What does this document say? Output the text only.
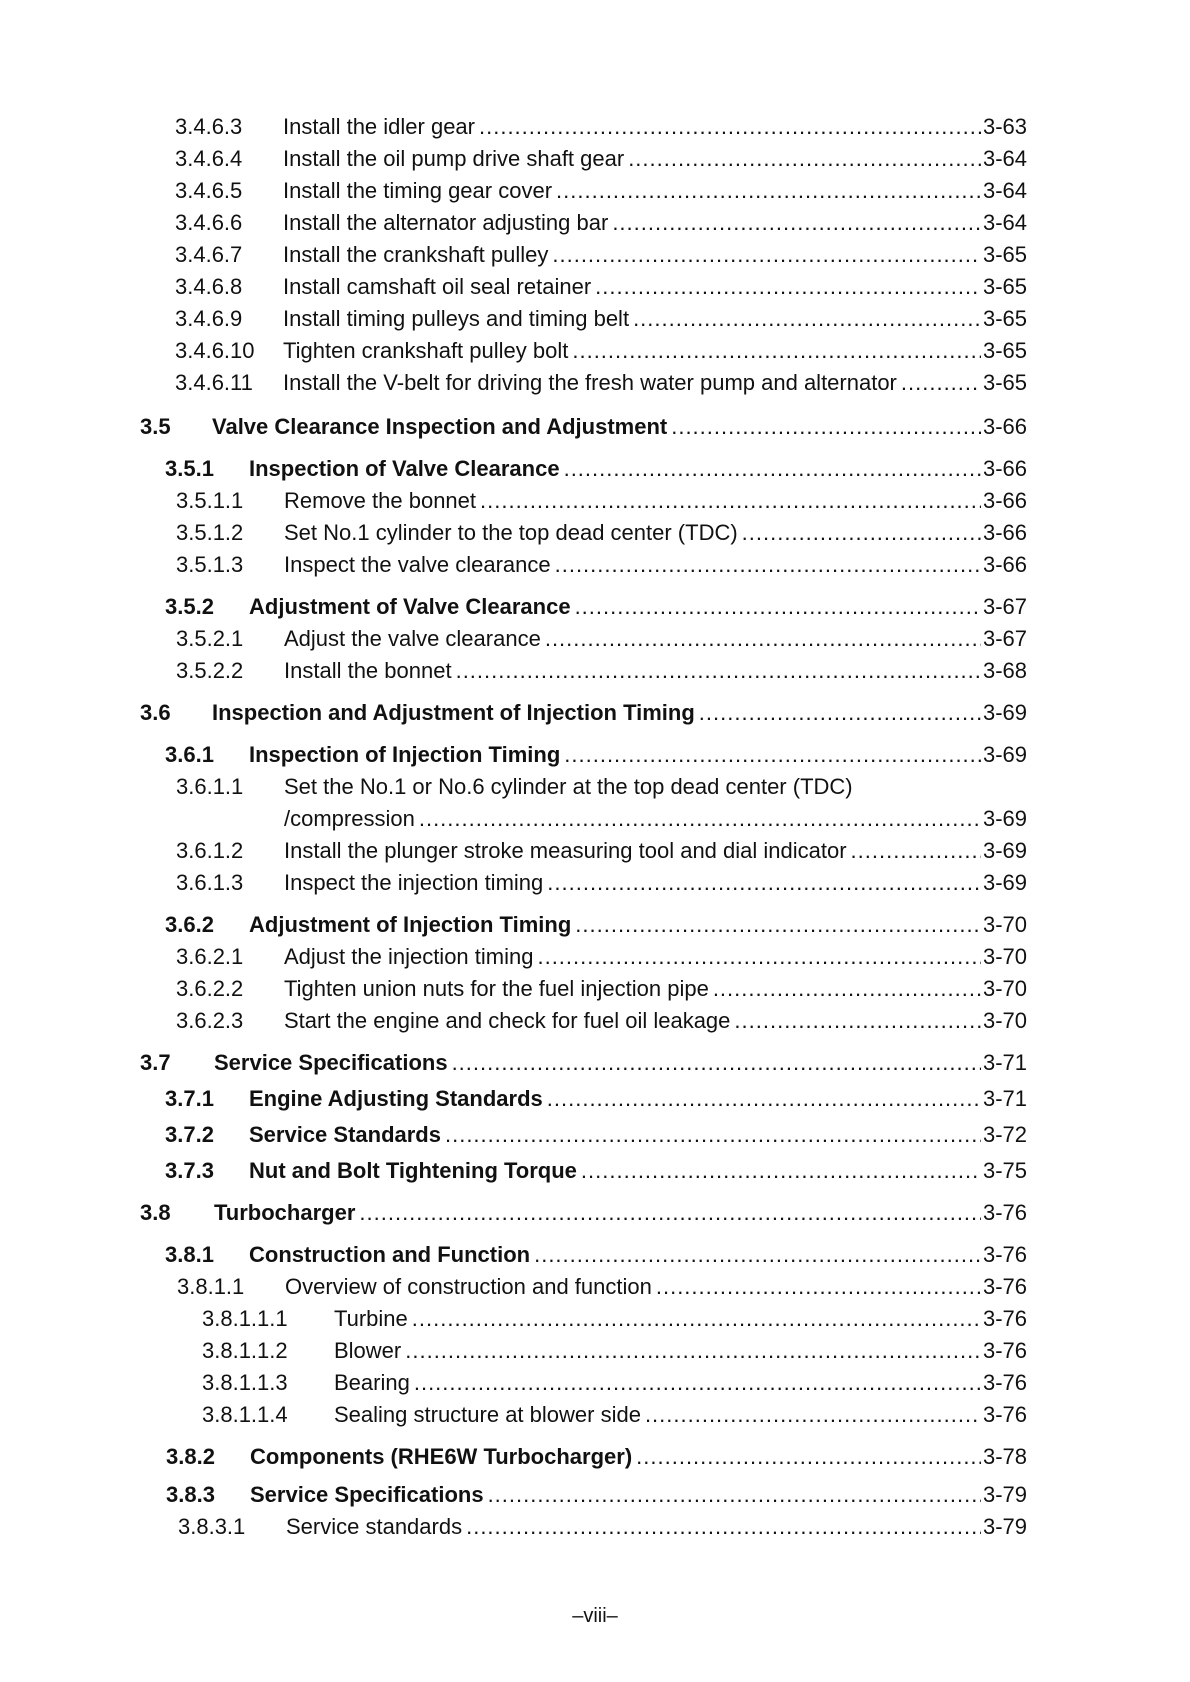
3.4.6.3	Install the idler gear .....	3-63
3.4.6.4	Install the oil pump drive shaft gear .....	3-64
3.4.6.5	Install the timing gear cover .....	3-64
3.4.6.6	Install the alternator adjusting bar .....	3-64
3.4.6.7	Install the crankshaft pulley .....	3-65
3.4.6.8	Install camshaft oil seal retainer .....	3-65
3.4.6.9	Install timing pulleys and timing belt .....	3-65
3.4.6.10	Tighten crankshaft pulley bolt .....	3-65
3.4.6.11	Install the V-belt for driving the fresh water pump and alternator .....	3-65
3.5	Valve Clearance Inspection and Adjustment .....	3-66
3.5.1	Inspection of Valve Clearance .....	3-66
3.5.1.1	Remove the bonnet .....	3-66
3.5.1.2	Set No.1 cylinder to the top dead center (TDC) .....	3-66
3.5.1.3	Inspect the valve clearance .....	3-66
3.5.2	Adjustment of Valve Clearance .....	3-67
3.5.2.1	Adjust the valve clearance .....	3-67
3.5.2.2	Install the bonnet .....	3-68
3.6	Inspection and Adjustment of Injection Timing .....	3-69
3.6.1	Inspection of Injection Timing .....	3-69
3.6.1.1	Set the No.1 or No.6 cylinder at the top dead center (TDC)
/compression .....	3-69
3.6.1.2	Install the plunger stroke measuring tool and dial indicator .....	3-69
3.6.1.3	Inspect the injection timing .....	3-69
3.6.2	Adjustment of Injection Timing .....	3-70
3.6.2.1	Adjust the injection timing .....	3-70
3.6.2.2	Tighten union nuts for the fuel injection pipe .....	3-70
3.6.2.3	Start the engine and check for fuel oil leakage .....	3-70
3.7	Service Specifications .....	3-71
3.7.1	Engine Adjusting Standards .....	3-71
3.7.2	Service Standards .....	3-72
3.7.3	Nut and Bolt Tightening Torque .....	3-75
3.8	Turbocharger .....	3-76
3.8.1	Construction and Function .....	3-76
3.8.1.1	Overview of construction and function .....	3-76
3.8.1.1.1	Turbine .....	3-76
3.8.1.1.2	Blower .....	3-76
3.8.1.1.3	Bearing .....	3-76
3.8.1.1.4	Sealing structure at blower side .....	3-76
3.8.2	Components (RHE6W Turbocharger) .....	3-78
3.8.3	Service Specifications .....	3-79
3.8.3.1	Service standards .....	3-79
–viii–
